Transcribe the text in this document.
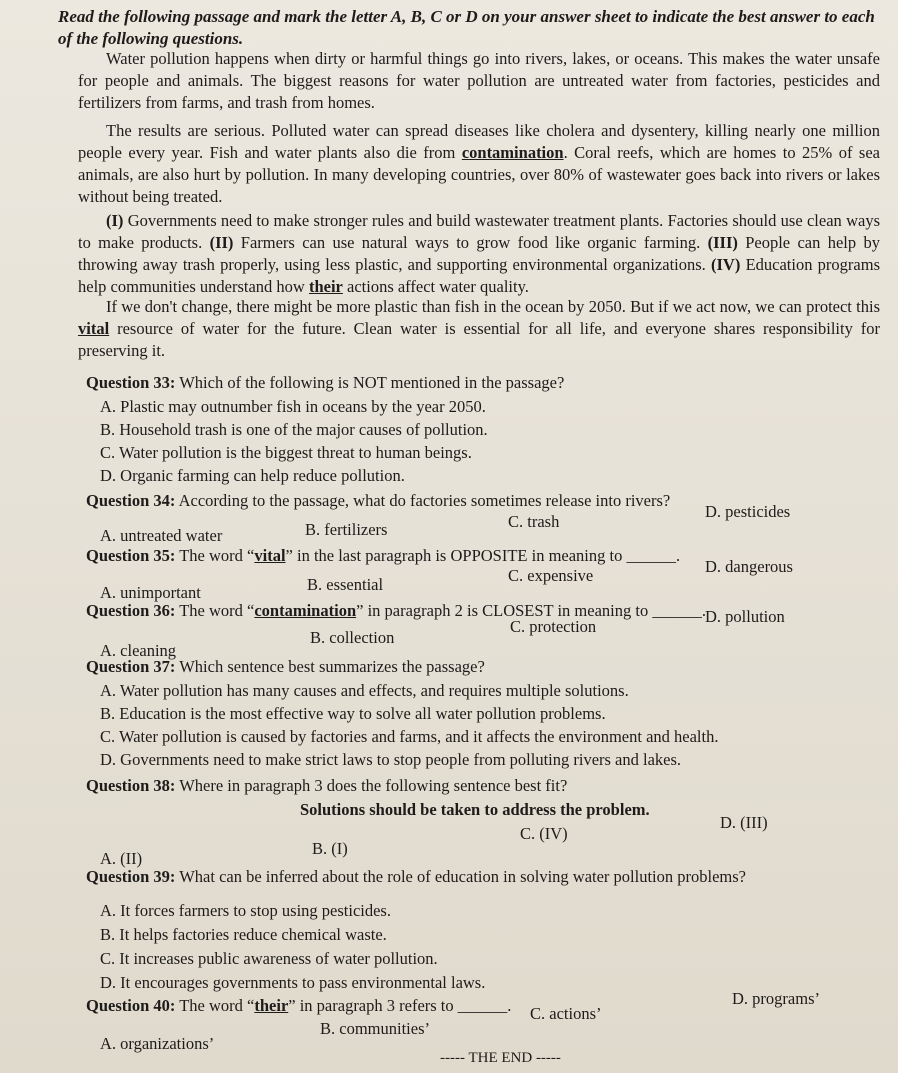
Read the following passage and mark the letter A, B, C or D on your answer sheet to indicate the best answer to each of the following questions.
Water pollution happens when dirty or harmful things go into rivers, lakes, or oceans. This makes the water unsafe for people and animals. The biggest reasons for water pollution are untreated water from factories, pesticides and fertilizers from farms, and trash from homes.
The results are serious. Polluted water can spread diseases like cholera and dysentery, killing nearly one million people every year. Fish and water plants also die from contamination. Coral reefs, which are homes to 25% of sea animals, are also hurt by pollution. In many developing countries, over 80% of wastewater goes back into rivers or lakes without being treated.
(I) Governments need to make stronger rules and build wastewater treatment plants. Factories should use clean ways to make products. (II) Farmers can use natural ways to grow food like organic farming. (III) People can help by throwing away trash properly, using less plastic, and supporting environmental organizations. (IV) Education programs help communities understand how their actions affect water quality.
If we don't change, there might be more plastic than fish in the ocean by 2050. But if we act now, we can protect this vital resource of water for the future. Clean water is essential for all life, and everyone shares responsibility for preserving it.
Question 33: Which of the following is NOT mentioned in the passage?
A. Plastic may outnumber fish in oceans by the year 2050.
B. Household trash is one of the major causes of pollution.
C. Water pollution is the biggest threat to human beings.
D. Organic farming can help reduce pollution.
Question 34: According to the passage, what do factories sometimes release into rivers?
A. untreated water	B. fertilizers	C. trash
D. pesticides
Question 35: The word “vital” in the last paragraph is OPPOSITE in meaning to ______.
A. unimportant	B. essential	C. expensive	D. dangerous
Question 36: The word “contamination” in paragraph 2 is CLOSEST in meaning to ______.
A. cleaning
B. collection
C. protection
D. pollution
Question 37: Which sentence best summarizes the passage?
A. Water pollution has many causes and effects, and requires multiple solutions.
B. Education is the most effective way to solve all water pollution problems.
C. Water pollution is caused by factories and farms, and it affects the environment and health.
D. Governments need to make strict laws to stop people from polluting rivers and lakes.
Question 38: Where in paragraph 3 does the following sentence best fit?
Solutions should be taken to address the problem.
A. (II)
B. (I)
C. (IV)
D. (III)
Question 39: What can be inferred about the role of education in solving water pollution problems?
A. It forces farmers to stop using pesticides.
B. It helps factories reduce chemical waste.
C. It increases public awareness of water pollution.
D. It encourages governments to pass environmental laws.
Question 40: The word “their” in paragraph 3 refers to ______.
A. organizations’
B. communities’
C. actions’
D. programs’
----- THE END -----
